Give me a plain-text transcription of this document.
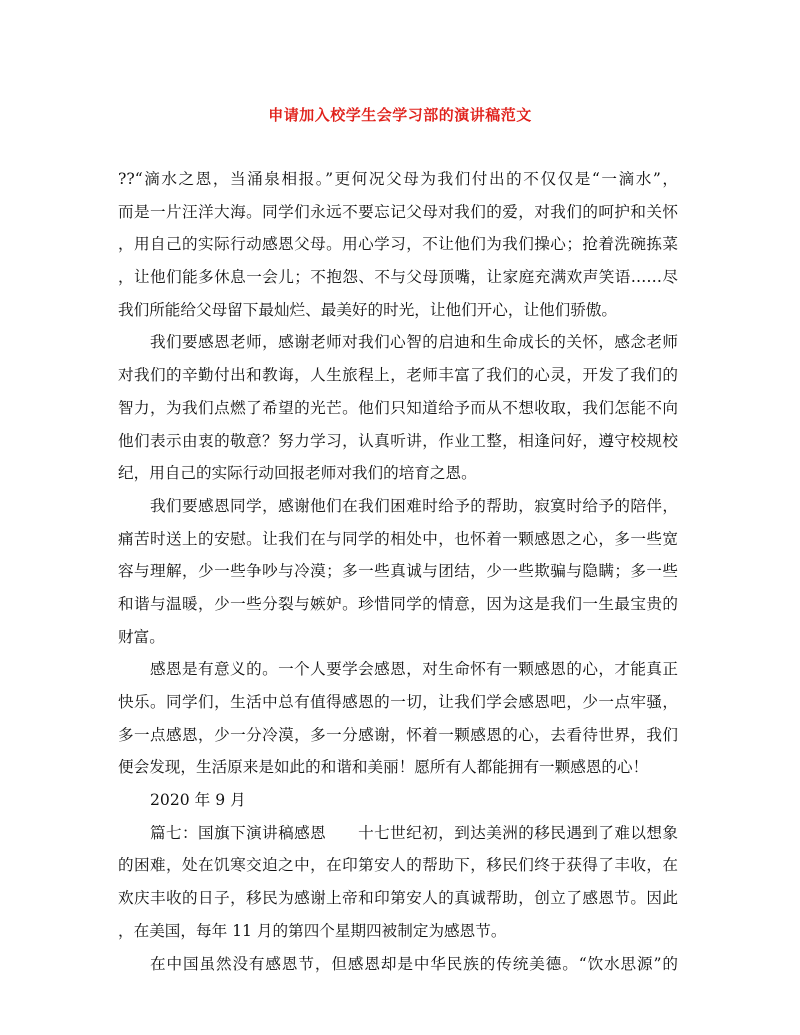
申请加入校学生会学习部的演讲稿范文
??“滴水之恩，当涌泉相报。”更何况父母为我们付出的不仅仅是“一滴水”，
而是一片汪洋大海。同学们永远不要忘记父母对我们的爱，对我们的呵护和关怀
，用自己的实际行动感恩父母。用心学习，不让他们为我们操心；抢着洗碗拣菜
，让他们能多休息一会儿；不抱怨、不与父母顶嘴，让家庭充满欢声笑语……尽
我们所能给父母留下最灿烂、最美好的时光，让他们开心，让他们骄傲。
我们要感恩老师，感谢老师对我们心智的启迪和生命成长的关怀，感念老师
对我们的辛勤付出和教诲，人生旅程上，老师丰富了我们的心灵，开发了我们的
智力，为我们点燃了希望的光芒。他们只知道给予而从不想收取，我们怎能不向
他们表示由衷的敬意？努力学习，认真听讲，作业工整，相逢问好，遵守校规校
纪，用自己的实际行动回报老师对我们的培育之恩。
我们要感恩同学，感谢他们在我们困难时给予的帮助，寂寞时给予的陪伴，
痛苦时送上的安慰。让我们在与同学的相处中，也怀着一颗感恩之心，多一些宽
容与理解，少一些争吵与冷漠；多一些真诚与团结，少一些欺骗与隐瞒；多一些
和谐与温暖，少一些分裂与嫉妒。珍惜同学的情意，因为这是我们一生最宝贵的
财富。
感恩是有意义的。一个人要学会感恩，对生命怀有一颗感恩的心，才能真正
快乐。同学们，生活中总有值得感恩的一切，让我们学会感恩吧，少一点牢骚，
多一点感恩，少一分冷漠，多一分感谢，怀着一颗感恩的心，去看待世界，我们
便会发现，生活原来是如此的和谐和美丽！愿所有人都能拥有一颗感恩的心！
2020 年 9 月
篇七：国旗下演讲稿感恩　　十七世纪初，到达美洲的移民遇到了难以想象
的困难，处在饥寒交迫之中，在印第安人的帮助下，移民们终于获得了丰收，在
欢庆丰收的日子，移民为感谢上帝和印第安人的真诚帮助，创立了感恩节。因此
，在美国，每年 11 月的第四个星期四被制定为感恩节。
在中国虽然没有感恩节，但感恩却是中华民族的传统美德。“饮水思源”的
